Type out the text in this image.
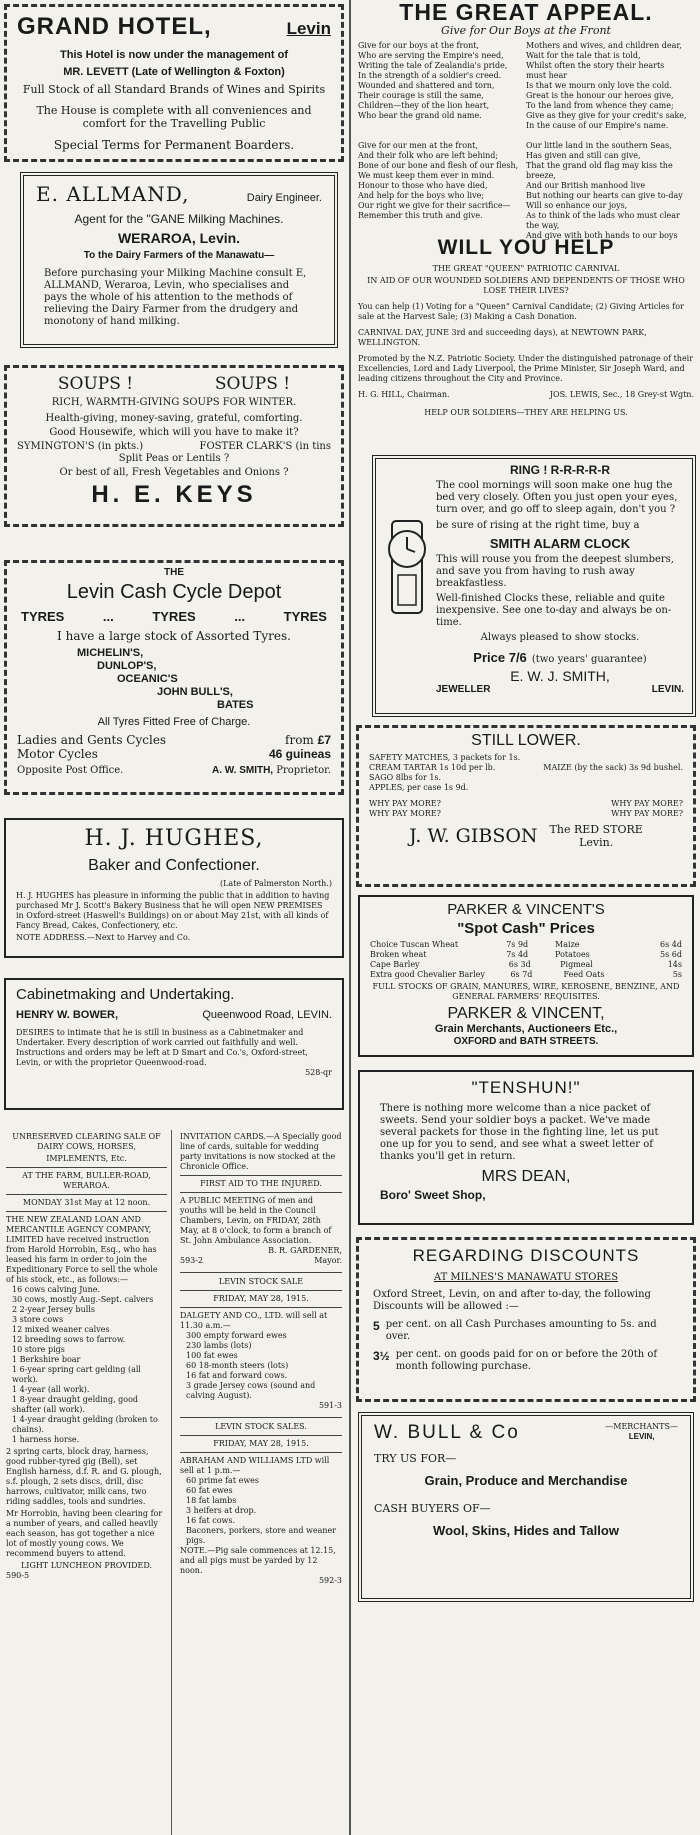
GRAND HOTEL,	Levin

This Hotel is now under the management of

MR. LEVETT (Late of Wellington & Foxton)

Full Stock of all Standard Brands of Wines and Spirits

The House is complete with all conveniences and comfort for the Travelling Public

Special Terms for Permanent Boarders.

E. ALLMAND,	Dairy Engineer.

Agent for the "GANE Milking Machines.

WERAROA, Levin.

To the Dairy Farmers of the Manawatu—

Before purchasing your Milking Machine consult E, ALLMAND, Weraroa, Levin, who specialises and pays the whole of his attention to the methods of relieving the Dairy Farmer from the drudgery and monotony of hand milking.

SOUPS !	SOUPS !

RICH, WARMTH-GIVING SOUPS FOR WINTER.

Health-giving, money-saving, grateful, comforting.

Good Housewife, which will you have to make it?

SYMINGTON'S (in pkts.)	FOSTER CLARK'S (in tins

Split Peas or Lentils ?

Or best of all, Fresh Vegetables and Onions ?

H. E. KEYS

THE

Levin Cash Cycle Depot

TYRES	...	TYRES	...	TYRES

I have a large stock of Assorted Tyres.

MICHELIN'S,

DUNLOP'S,

OCEANIC'S

JOHN BULL'S,

BATES

All Tyres Fitted Free of Charge.

Ladies and Gents Cycles	from £7
Motor Cycles	46 guineas
Opposite Post Office.	A. W. SMITH, Proprietor.

H. J. HUGHES,

Baker and Confectioner.

(Late of Palmerston North.)

H. J. HUGHES has pleasure in informing the public that in addition to having purchased Mr J. Scott's Bakery Business that he will open NEW PREMISES in Oxford-street (Haswell's Buildings) on or about May 21st, with all kinds of Fancy Bread, Cakes, Confectionery, etc.

NOTE ADDRESS.—Next to Harvey and Co.

Cabinetmaking and Undertaking.

HENRY W. BOWER,	Queenwood Road, LEVIN.

DESIRES to intimate that he is still in business as a Cabinetmaker and Undertaker. Every description of work carried out faithfully and well. Instructions and orders may be left at D Smart and Co.'s, Oxford-street, Levin, or with the proprietor Queenwood-road.

528-qr

UNRESERVED CLEARING SALE OF DAIRY COWS, HORSES,

IMPLEMENTS, Etc.

AT THE FARM, BULLER-ROAD, WERAROA.

MONDAY 31st May at 12 noon.

THE NEW ZEALAND LOAN AND MERCANTILE AGENCY COMPANY, LIMITED have received instruction from Harold Horrobin, Esq., who has leased his farm in order to join the Expeditionary Force to sell the whole of his stock, etc., as follows:—

16 cows calving June.

30 cows, mostly Aug.-Sept. calvers

2 2-year Jersey bulls

3 store cows

12 mixed weaner calves

12 breeding sows to farrow.

10 store pigs

1 Berkshire boar

1 6-year spring cart gelding (all work).

1 4-year (all work).

1 8-year draught gelding, good shafter (all work).

1 4-year draught gelding (broken to chains).

1 harness horse.

2 spring carts, block dray, harness, good rubber-tyred gig (Bell), set English harness, d.f. R. and G. plough, s.f. plough, 2 sets discs, drill, disc harrows, cultivator, milk cans, two riding saddles, tools and sundries.

Mr Horrobin, having been clearing for a number of years, and called heavily each season, has got together a nice lot of mostly young cows. We recommend buyers to attend.

LIGHT LUNCHEON PROVIDED.

590-5

INVITATION CARDS.—A Specially good line of cards, suitable for wedding party invitations is now stocked at the Chronicle Office.

FIRST AID TO THE INJURED.

A PUBLIC MEETING of men and youths will be held in the Council Chambers, Levin, on FRIDAY, 28th May, at 8 o'clock, to form a branch of St. John Ambulance Association.

B. R. GARDENER,

593-2	Mayor.

LEVIN STOCK SALE

FRIDAY, MAY 28, 1915.

DALGETY AND CO., LTD. will sell at 11.30 a.m.—

300 empty forward ewes

230 lambs (lots)

100 fat ewes

60 18-month steers (lots)

16 fat and forward cows.

3 grade Jersey cows (sound and calving August).

591-3

LEVIN STOCK SALES.

FRIDAY, MAY 28, 1915.

ABRAHAM AND WILLIAMS LTD will sell at 1 p.m.—

60 prime fat ewes

60 fat ewes

18 fat lambs

3 heifers at drop.

16 fat cows.

Baconers, porkers, store and weaner pigs.

NOTE.—Pig sale commences at 12.15, and all pigs must be yarded by 12 noon.

592-3

THE GREAT APPEAL.

Give for Our Boys at the Front

Give for our boys at the front,

Who are serving the Empire's need,

Writing the tale of Zealandia's pride,

In the strength of a soldier's creed.

Wounded and shattered and torn,

Their courage is still the same,

Children—they of the lion heart,

Who bear the grand old name.

Give for our men at the front,

And their folk who are left behind;

Bone of our bone and flesh of our flesh,

We must keep them ever in mind.

Honour to those who have died,

And help for the boys who live;

Our right we give for their sacrifice—

Remember this truth and give.

Mothers and wives, and children dear,

Wait for the tale that is told,

Whilst often the story their hearts

must hear

Is that we mourn only love the cold.

Great is the honour our heroes give,

To the land from whence they came;

Give as they give for your credit's sake,

In the cause of our Empire's name.

Our little land in the southern Seas,

Has given and still can give,

That the grand old flag may kiss the

breeze,

And our British manhood live

But nothing our hearts can give to-day

Will so enhance our joys,

As to think of the lads who must clear

the way,

And give with both hands to our boys

WILL YOU HELP

THE GREAT "QUEEN" PATRIOTIC CARNIVAL

IN AID OF OUR WOUNDED SOLDIERS AND DEPENDENTS OF THOSE WHO LOSE THEIR LIVES?

You can help (1) Voting for a "Queen" Carnival Candidate; (2) Giving Articles for sale at the Harvest Sale; (3) Making a Cash Donation.

CARNIVAL DAY, JUNE 3rd and succeeding days), at NEWTOWN PARK, WELLINGTON.

Promoted by the N.Z. Patriotic Society. Under the distinguished patronage of their Excellencies, Lord and Lady Liverpool, the Prime Minister, Sir Joseph Ward, and leading citizens throughout the City and Province.

H. G. HILL, Chairman.	JOS. LEWIS, Sec., 18 Grey-st Wgtn.

HELP OUR SOLDIERS—THEY ARE HELPING US.

RING ! R-R-R-R-R

The cool mornings will soon make one hug the bed very closely. Often you just open your eyes, turn over, and go off to sleep again, don't you ?

be sure of rising at the right time, buy a

SMITH ALARM CLOCK

This will rouse you from the deepest slumbers, and save you from having to rush away breakfastless.

Well-finished Clocks these, reliable and quite inexpensive. See one to-day and always be on-time.

Always pleased to show stocks.

Price 7/6 (two years' guarantee)

E. W. J. SMITH,

JEWELLER	LEVIN.

STILL LOWER.

SAFETY MATCHES, 3 packets for 1s.

CREAM TARTAR 1s 10d per lb.	MAIZE (by the sack) 3s 9d bushel.

SAGO 8lbs for 1s.

APPLES, per case 1s 9d.

WHY PAY MORE?	WHY PAY MORE?
WHY PAY MORE?	WHY PAY MORE?
J. W. GIBSON The RED STORE
Levin.

PARKER & VINCENT'S

"Spot Cash" Prices

Choice Tuscan Wheat	7s 9d	Maize	6s 4d
Broken wheat	7s 4d	Potatoes	5s 6d
Cape Barley	6s 3d	Pigmeal	14s
Extra good Chevalier Barley	6s 7d	Feed Oats	5s

FULL STOCKS OF GRAIN, MANURES, WIRE, KEROSENE, BENZINE, AND GENERAL FARMERS' REQUISITES.

PARKER & VINCENT,

Grain Merchants, Auctioneers Etc.,

OXFORD and BATH STREETS.

"TENSHUN!"

There is nothing more welcome than a nice packet of sweets. Send your soldier boys a packet. We've made several packets for those in the fighting line, let us put one up for you to send, and see what a sweet letter of thanks you'll get in return.

MRS DEAN,

Boro' Sweet Shop,

REGARDING DISCOUNTS

AT MILNES'S MANAWATU STORES

Oxford Street, Levin, on and after to-day, the following Discounts will be allowed :—

5 per cent. on all Cash Purchases amounting to 5s. and over.
3½ per cent. on goods paid for on or before the 20th of month following purchase.
W. BULL & Co	—MERCHANTS—
LEVIN,

TRY US FOR—

Grain, Produce and Merchandise

CASH BUYERS OF—

Wool, Skins, Hides and Tallow
